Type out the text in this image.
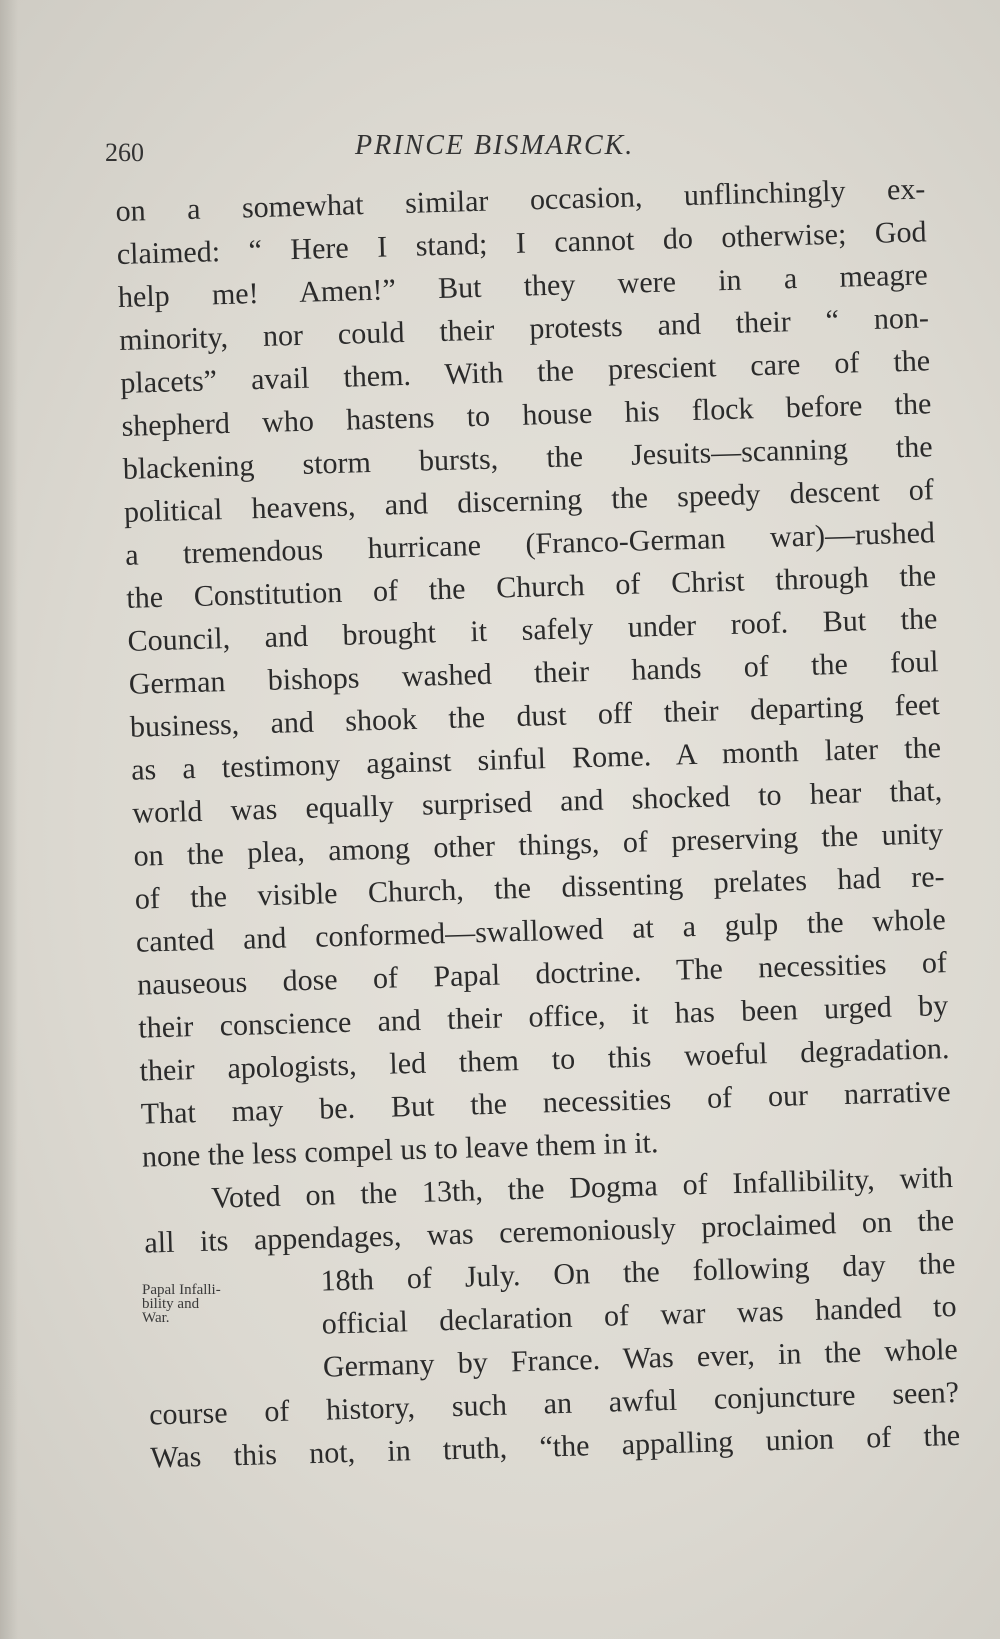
260	PRINCE BISMARCK.
on a somewhat similar occasion, unflinchingly ex-
claimed: “ Here I stand; I cannot do otherwise; God
help me! Amen!” But they were in a meagre
minority, nor could their protests and their “ non-
placets” avail them. With the prescient care of the
shepherd who hastens to house his flock before the
blackening storm bursts, the Jesuits—scanning the
political heavens, and discerning the speedy descent of
a tremendous hurricane (Franco-German war)—rushed
the Constitution of the Church of Christ through the
Council, and brought it safely under roof. But the
German bishops washed their hands of the foul
business, and shook the dust off their departing feet
as a testimony against sinful Rome. A month later the
world was equally surprised and shocked to hear that,
on the plea, among other things, of preserving the unity
of the visible Church, the dissenting prelates had re-
canted and conformed—swallowed at a gulp the whole
nauseous dose of Papal doctrine. The necessities of
their conscience and their office, it has been urged by
their apologists, led them to this woeful degradation.
That may be. But the necessities of our narrative
none the less compel us to leave them in it.
Voted on the 13th, the Dogma of Infallibility, with
all its appendages, was ceremoniously proclaimed on the
18th of July. On the following day the
official declaration of war was handed to
Germany by France. Was ever, in the whole
course of history, such an awful conjuncture seen?
Was this not, in truth, “the appalling union of the
Papal Infalli-
bility and
War.
